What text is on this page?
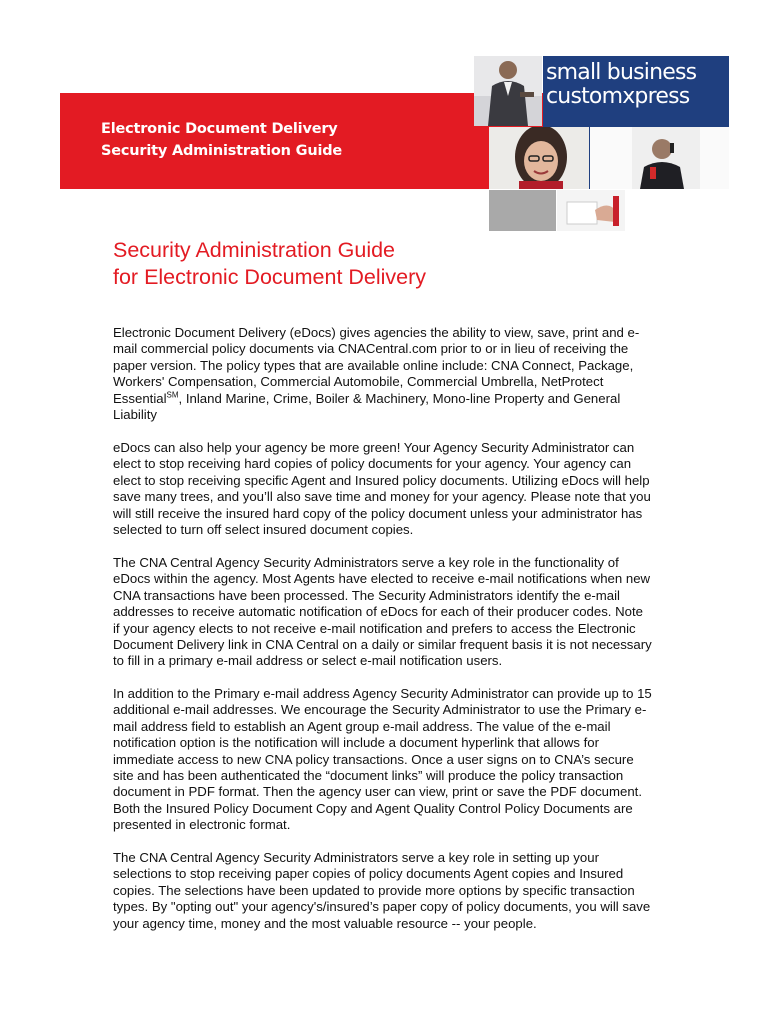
Electronic Document Delivery
Security Administration Guide
small business
customxpress
Security Administration Guide
for Electronic Document Delivery

Electronic Document Delivery (eDocs) gives agencies the ability to view, save, print and e-mail commercial policy documents via CNACentral.com prior to or in lieu of receiving the paper version. The policy types that are available online include: CNA Connect, Package, Workers' Compensation, Commercial Automobile, Commercial Umbrella, NetProtect Essential℠, Inland Marine, Crime, Boiler & Machinery, Mono-line Property and General Liability

eDocs can also help your agency be more green! Your Agency Security Administrator can elect to stop receiving hard copies of policy documents for your agency. Your agency can elect to stop receiving specific Agent and Insured policy documents. Utilizing eDocs will help save many trees, and you’ll also save time and money for your agency. Please note that you will still receive the insured hard copy of the policy document unless your administrator has selected to turn off select insured document copies.

The CNA Central Agency Security Administrators serve a key role in the functionality of eDocs within the agency. Most Agents have elected to receive e-mail notifications when new CNA transactions have been processed. The Security Administrators identify the e-mail addresses to receive automatic notification of eDocs for each of their producer codes. Note if your agency elects to not receive e-mail notification and prefers to access the Electronic Document Delivery link in CNA Central on a daily or similar frequent basis it is not necessary to fill in a primary e-mail address or select e-mail notification users.

In addition to the Primary e-mail address Agency Security Administrator can provide up to 15 additional e-mail addresses. We encourage the Security Administrator to use the Primary e-mail address field to establish an Agent group e-mail address. The value of the e-mail notification option is the notification will include a document hyperlink that allows for immediate access to new CNA policy transactions. Once a user signs on to CNA’s secure site and has been authenticated the “document links” will produce the policy transaction document in PDF format. Then the agency user can view, print or save the PDF document. Both the Insured Policy Document Copy and Agent Quality Control Policy Documents are presented in electronic format.

The CNA Central Agency Security Administrators serve a key role in setting up your selections to stop receiving paper copies of policy documents Agent copies and Insured copies. The selections have been updated to provide more options by specific transaction types. By "opting out" your agency's/insured’s paper copy of policy documents, you will save your agency time, money and the most valuable resource -- your people.
